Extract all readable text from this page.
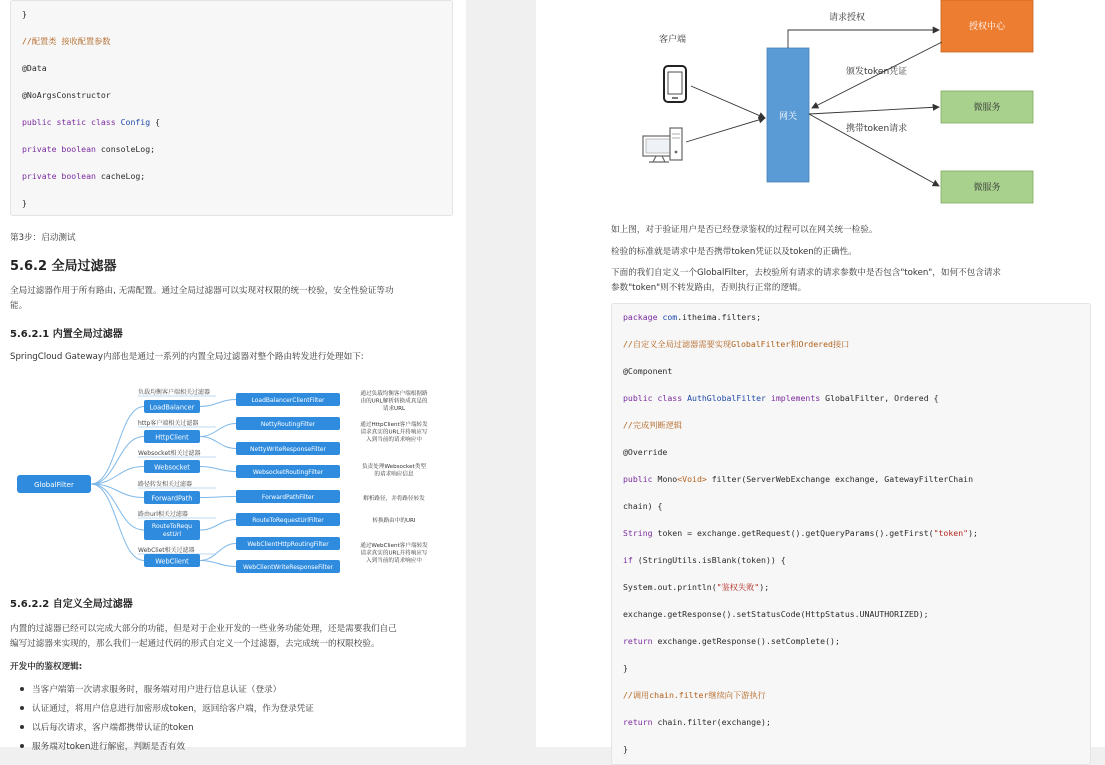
}
//配置类 接收配置参数
@Data
@NoArgsConstructor
public static class Config {
private boolean consoleLog;
private boolean cacheLog;
}
第3步：启动测试
5.6.2 全局过滤器
全局过滤器作用于所有路由, 无需配置。通过全局过滤器可以实现对权限的统一校验，安全性验证等功
能。
5.6.2.1 内置全局过滤器
SpringCloud Gateway内部也是通过一系列的内置全局过滤器对整个路由转发进行处理如下:
负载均衡客户端相关过滤器
LoadBalancer
LoadBalancerClientFilter
通过负载均衡客户端根据路
由的URL解析转换成真是的
请求URL
http客户端相关过滤器
HttpClient
NettyRoutingFilter
NettyWriteResponseFilter
通过HttpClient客户端转发
请求真实的URL并将响应写
入到当前的请求响应中
Websocket相关过滤器
Websocket
WebsocketRoutingFilter
负责处理Websocket类型
的请求响应信息
路径转发相关过滤器
ForwardPath	ForwardPathFilter	解析路径，并将路径转发
路由url相关过滤器
RouteToRequ
estUrl
RouteToRequestUrlFilter	转换路由中的URI
WebCliet相关过滤器
WebClient
WebClientHttpRoutingFilter
WebClientWriteResponseFilter
通过WebClient客户端转发
请求真实的URL并将响应写
入到当前的请求响应中
GlobalFilter
5.6.2.2 自定义全局过滤器
内置的过滤器已经可以完成大部分的功能，但是对于企业开发的一些业务功能处理，还是需要我们自己
编写过滤器来实现的，那么我们一起通过代码的形式自定义一个过滤器，去完成统一的权限校验。
开发中的鉴权逻辑:
当客户端第一次请求服务时，服务端对用户进行信息认证（登录）
认证通过，将用户信息进行加密形成token，返回给客户端，作为登录凭证
以后每次请求，客户端都携带认证的token
服务端对token进行解密，判断是否有效
客户端
网关
授权中心
微服务
微服务
请求授权
颁发token凭证
携带token请求
如上图，对于验证用户是否已经登录鉴权的过程可以在网关统一检验。
检验的标准就是请求中是否携带token凭证以及token的正确性。
下面的我们自定义一个GlobalFilter，去校验所有请求的请求参数中是否包含"token"，如何不包含请求
参数"token"则不转发路由，否则执行正常的逻辑。
package com.itheima.filters;
//自定义全局过滤器需要实现GlobalFilter和Ordered接口
@Component
public class AuthGlobalFilter implements GlobalFilter, Ordered {
//完成判断逻辑
@Override
public Mono<Void> filter(ServerWebExchange exchange, GatewayFilterChain
chain) {
String token = exchange.getRequest().getQueryParams().getFirst("token");
if (StringUtils.isBlank(token)) {
System.out.println("鉴权失败");
exchange.getResponse().setStatusCode(HttpStatus.UNAUTHORIZED);
return exchange.getResponse().setComplete();
}
//调用chain.filter继续向下游执行
return chain.filter(exchange);
}
